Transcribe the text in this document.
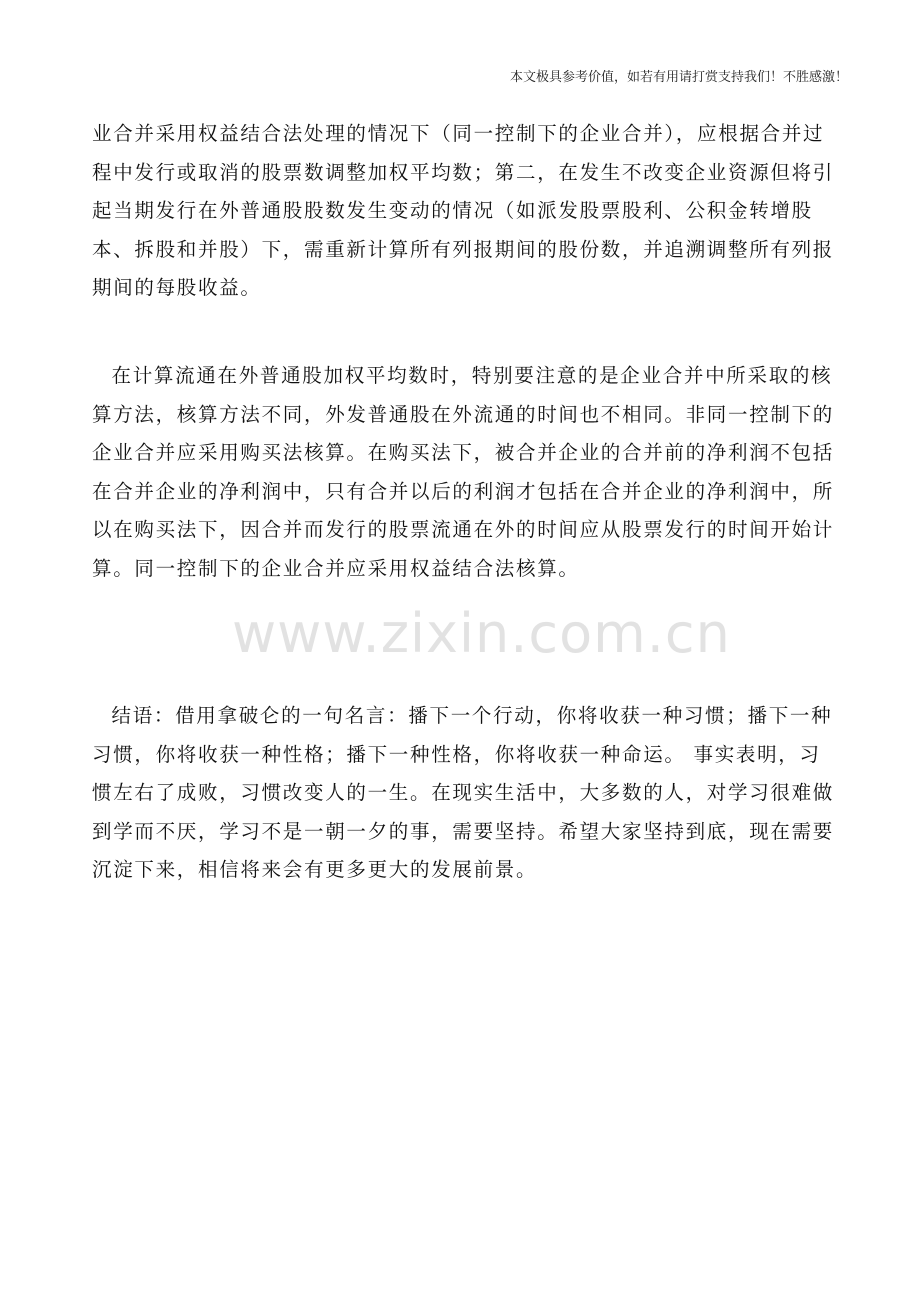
本文极具参考价值，如若有用请打赏支持我们！不胜感激！

业合并采用权益结合法处理的情况下（同一控制下的企业合并），应根据合并过程中发行或取消的股票数调整加权平均数；第二，在发生不改变企业资源但将引起当期发行在外普通股股数发生变动的情况（如派发股票股利、公积金转增股本、拆股和并股）下，需重新计算所有列报期间的股份数，并追溯调整所有列报期间的每股收益。

在计算流通在外普通股加权平均数时，特别要注意的是企业合并中所采取的核算方法，核算方法不同，外发普通股在外流通的时间也不相同。非同一控制下的企业合并应采用购买法核算。在购买法下，被合并企业的合并前的净利润不包括在合并企业的净利润中，只有合并以后的利润才包括在合并企业的净利润中，所以在购买法下，因合并而发行的股票流通在外的时间应从股票发行的时间开始计算。同一控制下的企业合并应采用权益结合法核算。

结语：借用拿破仑的一句名言：播下一个行动，你将收获一种习惯；播下一种习惯，你将收获一种性格；播下一种性格，你将收获一种命运。 事实表明，习惯左右了成败，习惯改变人的一生。在现实生活中，大多数的人，对学习很难做到学而不厌，学习不是一朝一夕的事，需要坚持。希望大家坚持到底，现在需要沉淀下来，相信将来会有更多更大的发展前景。

www.zixin.com.cn
